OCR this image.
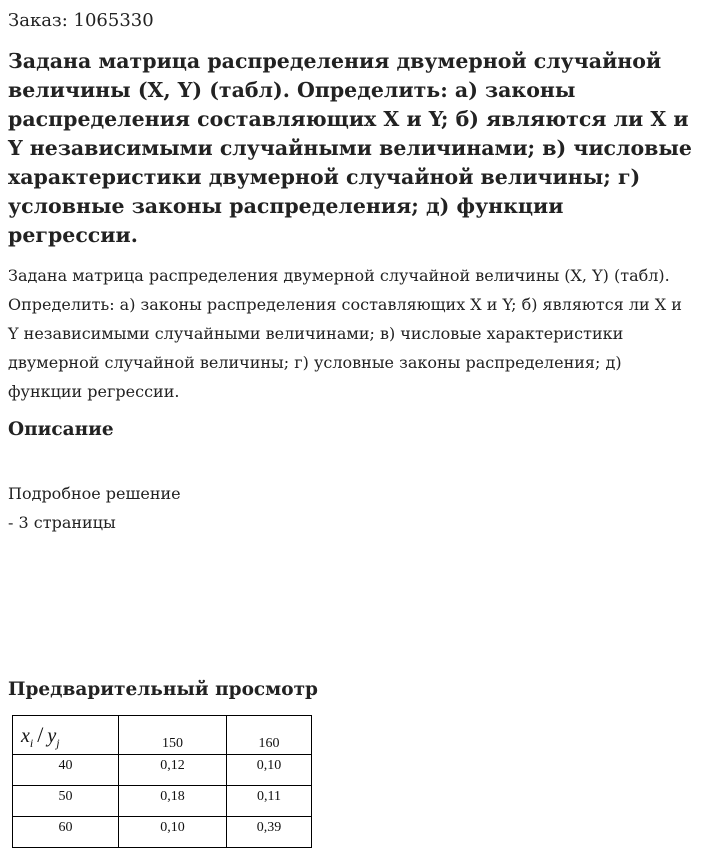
Заказ: 1065330
Задана матрица распределения двумерной случайной величины (X, Y) (табл). Определить: а) законы распределения составляющих X и Y; б) являются ли X и Y независимыми случайными величинами; в) числовые характеристики двумерной случайной величины; г) условные законы распределения; д) функции регрессии.

Задана матрица распределения двумерной случайной величины (X, Y) (табл). Определить: а) законы распределения составляющих X и Y; б) являются ли X и Y независимыми случайными величинами; в) числовые характеристики двумерной случайной величины; г) условные законы распределения; д) функции регрессии.

Описание
Подробное решение
- 3 страницы
Предварительный просмотр
$x_i / y_j$	150	160
40	0,12	0,10
50	0,18	0,11
60	0,10	0,39
